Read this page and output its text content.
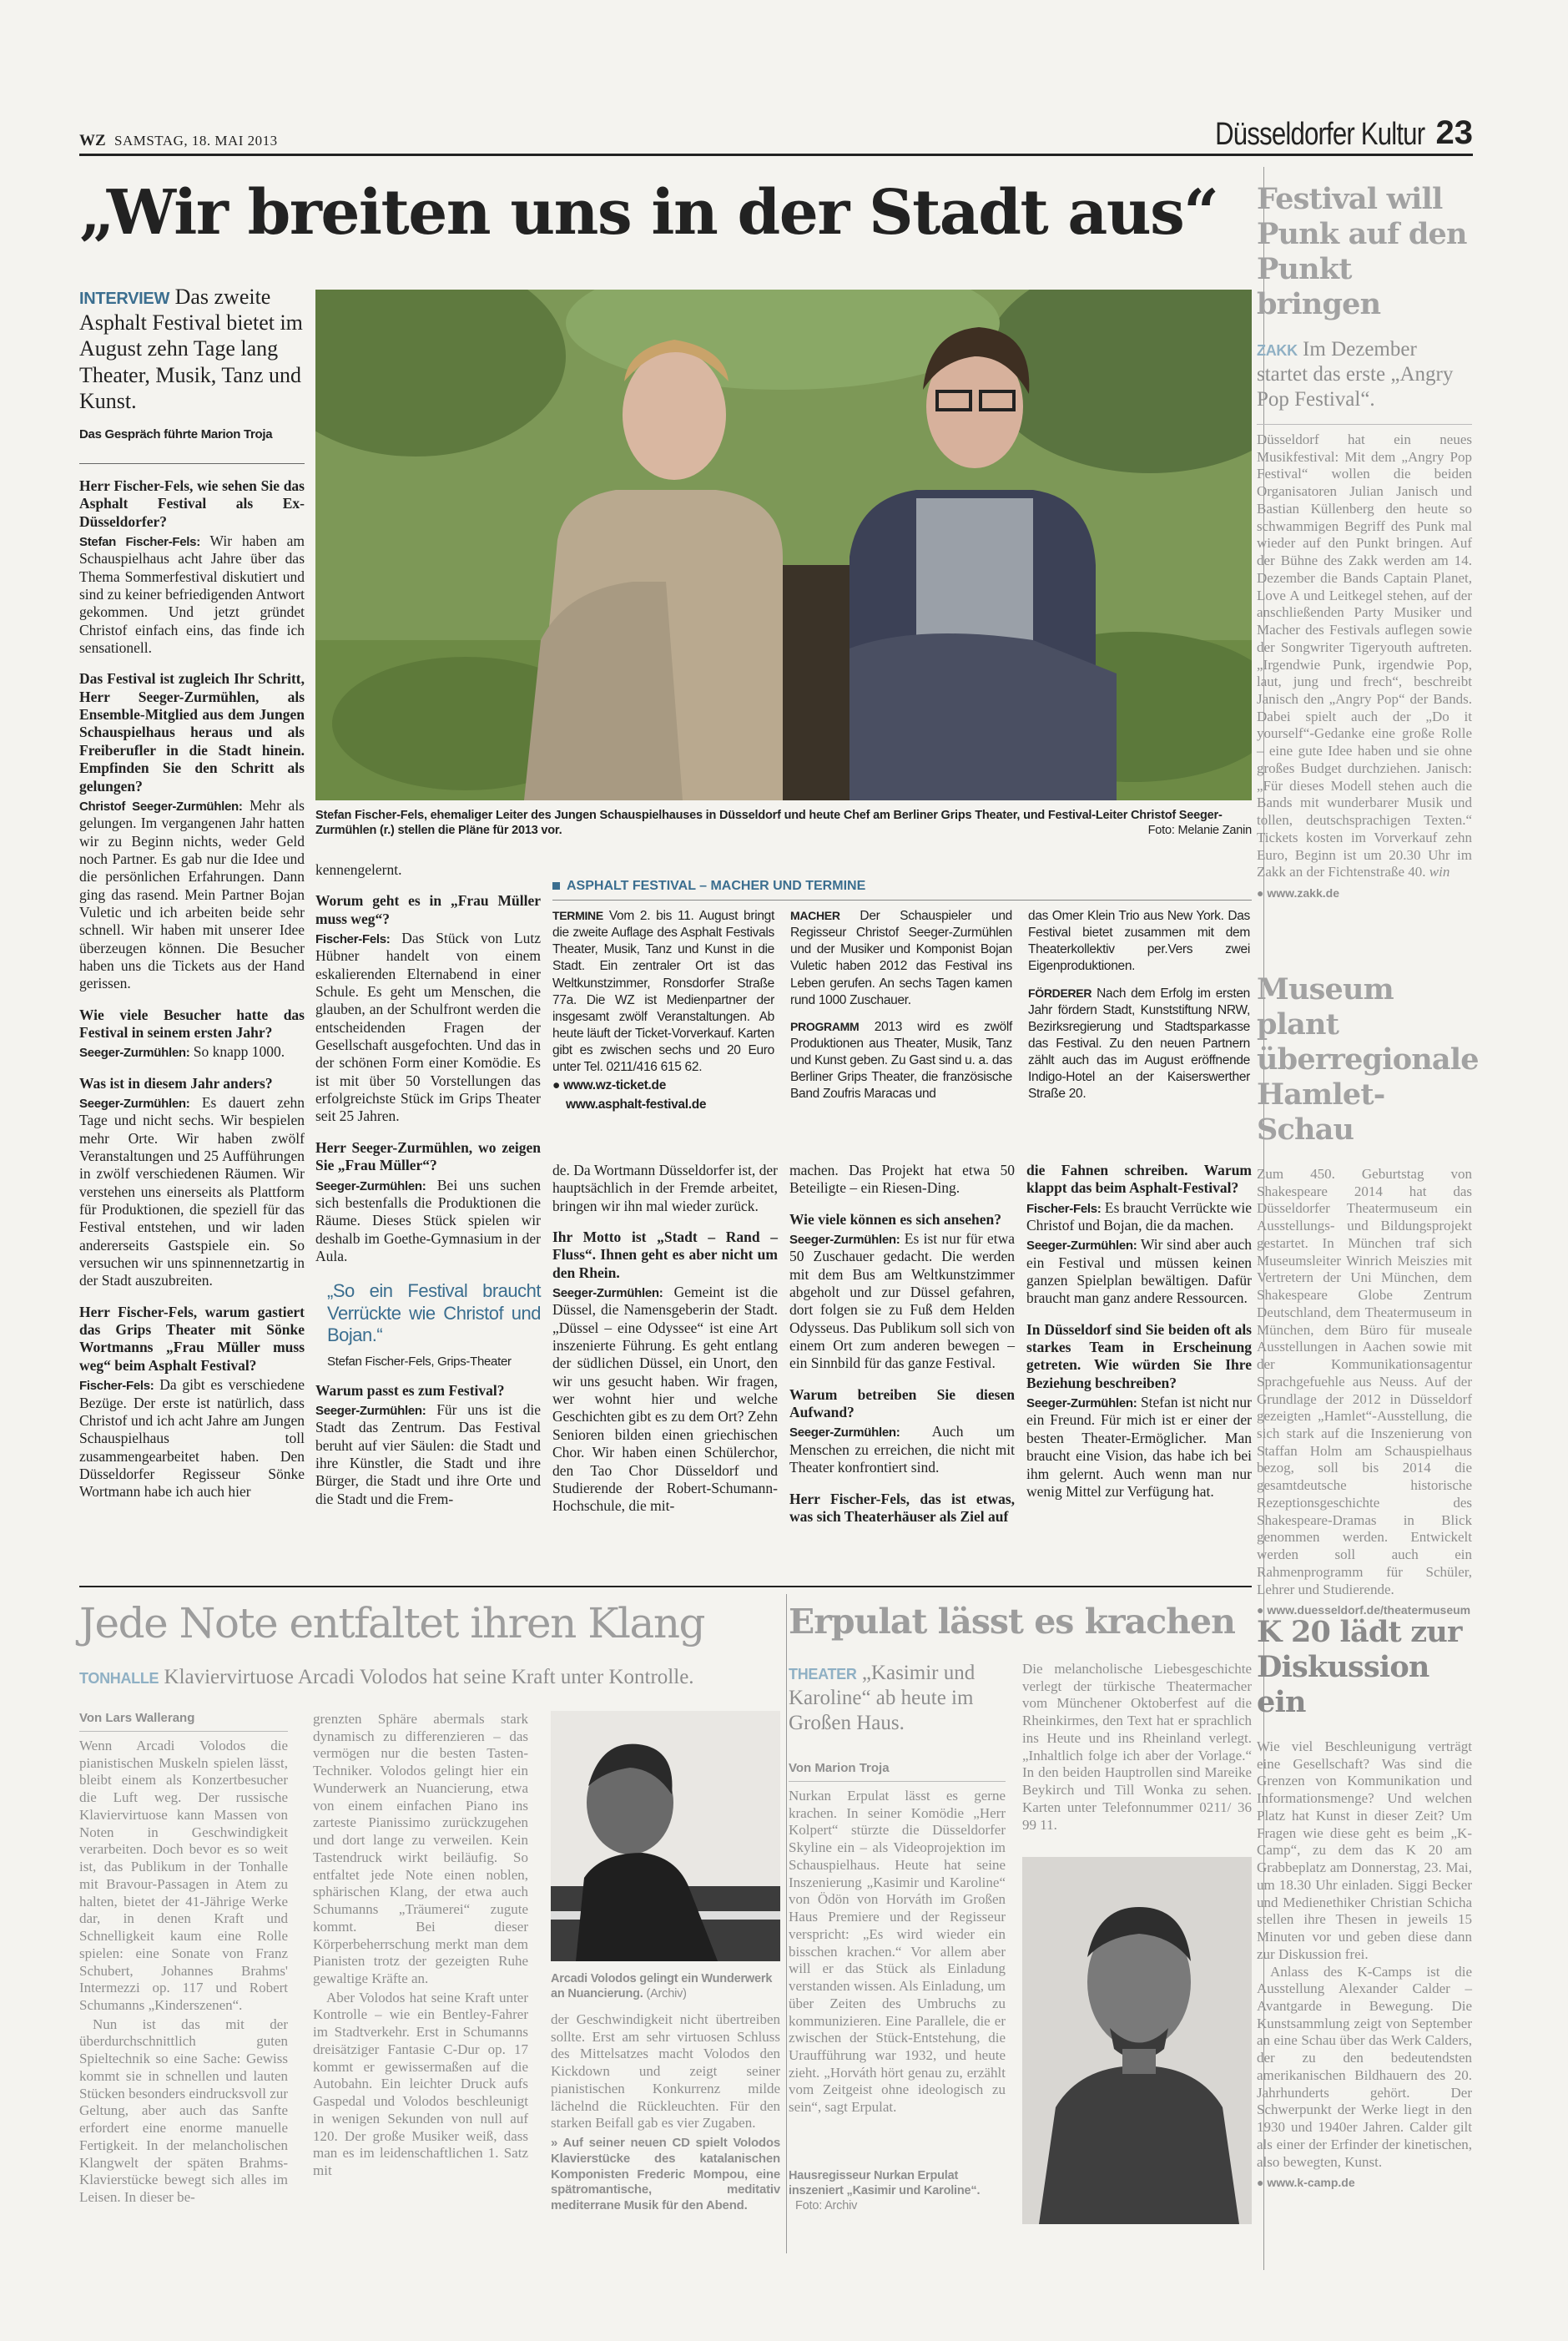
WZ SAMSTAG, 18. MAI 2013	Düsseldorfer Kultur 23
„Wir breiten uns in der Stadt aus“
INTERVIEW Das zweite Asphalt Festival bietet im August zehn Tage lang Theater, Musik, Tanz und Kunst.
Das Gespräch führte Marion Troja
Stefan Fischer-Fels, ehemaliger Leiter des Jungen Schauspielhauses in Düsseldorf und heute Chef am Berliner Grips Theater, und Festival-Leiter Christof Seeger-Zurmühlen (r.) stellen die Pläne für 2013 vor.	Foto: Melanie Zanin

Herr Fischer-Fels, wie sehen Sie das Asphalt Festival als Ex-Düsseldorfer?

Stefan Fischer-Fels: Wir haben am Schauspielhaus acht Jahre über das Thema Sommerfestival diskutiert und sind zu keiner befriedigenden Antwort gekommen. Und jetzt gründet Christof einfach eins, das finde ich sensationell.

Das Festival ist zugleich Ihr Schritt, Herr Seeger-Zurmühlen, als Ensemble-Mitglied aus dem Jungen Schauspielhaus heraus und als Freiberufler in die Stadt hinein. Empfinden Sie den Schritt als gelungen?

Christof Seeger-Zurmühlen: Mehr als gelungen. Im vergangenen Jahr hatten wir zu Beginn nichts, weder Geld noch Partner. Es gab nur die Idee und die persönlichen Erfahrungen. Dann ging das rasend. Mein Partner Bojan Vuletic und ich arbeiten beide sehr schnell. Wir haben mit unserer Idee überzeugen können. Die Besucher haben uns die Tickets aus der Hand gerissen.

Wie viele Besucher hatte das Festival in seinem ersten Jahr?

Seeger-Zurmühlen: So knapp 1000.

Was ist in diesem Jahr anders?

Seeger-Zurmühlen: Es dauert zehn Tage und nicht sechs. Wir bespielen mehr Orte. Wir haben zwölf Veranstaltungen und 25 Aufführungen in zwölf verschiedenen Räumen. Wir verstehen uns einerseits als Plattform für Produktionen, die speziell für das Festival entstehen, und wir laden andererseits Gastspiele ein. So versuchen wir uns spinnennetzartig in der Stadt auszubreiten.

Herr Fischer-Fels, warum gastiert das Grips Theater mit Sönke Wortmanns „Frau Müller muss weg“ beim Asphalt Festival?

Fischer-Fels: Da gibt es verschiedene Bezüge. Der erste ist natürlich, dass Christof und ich acht Jahre am Jungen Schauspielhaus toll zusammengearbeitet haben. Den Düsseldorfer Regisseur Sönke Wortmann habe ich auch hier

kennengelernt.

Worum geht es in „Frau Müller muss weg“?

Fischer-Fels: Das Stück von Lutz Hübner handelt von einem eskalierenden Elternabend in einer Schule. Es geht um Menschen, die glauben, an der Schulfront werden die entscheidenden Fragen der Gesellschaft ausgefochten. Und das in der schönen Form einer Komödie. Es ist mit über 50 Vorstellungen das erfolgreichste Stück im Grips Theater seit 25 Jahren.

Herr Seeger-Zurmühlen, wo zeigen Sie „Frau Müller“?

Seeger-Zurmühlen: Bei uns suchen sich bestenfalls die Produktionen die Räume. Dieses Stück spielen wir deshalb im Goethe-Gymnasium in der Aula.

„So ein Festival braucht Verrückte wie Christof und Bojan.“
Stefan Fischer-Fels, Grips-Theater

Warum passt es zum Festival?

Seeger-Zurmühlen: Für uns ist die Stadt das Zentrum. Das Festival beruht auf vier Säulen: die Stadt und ihre Künstler, die Stadt und ihre Bürger, die Stadt und ihre Orte und die Stadt und die Frem-

ASPHALT FESTIVAL – MACHER UND TERMINE

TERMINE Vom 2. bis 11. August bringt die zweite Auflage des Asphalt Festivals Theater, Musik, Tanz und Kunst in die Stadt. Ein zentraler Ort ist das Weltkunstzimmer, Ronsdorfer Straße 77a. Die WZ ist Medienpartner der insgesamt zwölf Veranstaltungen. Ab heute läuft der Ticket-Vorverkauf. Karten gibt es zwischen sechs und 20 Euro unter Tel. 0211/416 615 62.

● www.wz-ticket.de

www.asphalt-festival.de

MACHER Der Schauspieler und Regisseur Christof Seeger-Zurmühlen und der Musiker und Komponist Bojan Vuletic haben 2012 das Festival ins Leben gerufen. An sechs Tagen kamen rund 1000 Zuschauer.

PROGRAMM 2013 wird es zwölf Produktionen aus Theater, Musik, Tanz und Kunst geben. Zu Gast sind u. a. das Berliner Grips Theater, die französische Band Zoufris Maracas und

das Omer Klein Trio aus New York. Das Festival bietet zusammen mit dem Theaterkollektiv per.Vers zwei Eigenproduktionen.

FÖRDERER Nach dem Erfolg im ersten Jahr fördern Stadt, Kunststiftung NRW, Bezirksregierung und Stadtsparkasse das Festival. Zu den neuen Partnern zählt auch das im August eröffnende Indigo-Hotel an der Kaiserswerther Straße 20.

de. Da Wortmann Düsseldorfer ist, der hauptsächlich in der Fremde arbeitet, bringen wir ihn mal wieder zurück.

Ihr Motto ist „Stadt – Rand – Fluss“. Ihnen geht es aber nicht um den Rhein.

Seeger-Zurmühlen: Gemeint ist die Düssel, die Namensgeberin der Stadt. „Düssel – eine Odyssee“ ist eine Art inszenierte Führung. Es geht entlang der südlichen Düssel, ein Unort, den wir uns gesucht haben. Wir fragen, wer wohnt hier und welche Geschichten gibt es zu dem Ort? Zehn Senioren bilden einen griechischen Chor. Wir haben einen Schülerchor, den Tao Chor Düsseldorf und Studierende der Robert-Schumann-Hochschule, die mit-

machen. Das Projekt hat etwa 50 Beteiligte – ein Riesen-Ding.

Wie viele können es sich ansehen?

Seeger-Zurmühlen: Es ist nur für etwa 50 Zuschauer gedacht. Die werden mit dem Bus am Weltkunstzimmer abgeholt und zur Düssel gefahren, dort folgen sie zu Fuß dem Helden Odysseus. Das Publikum soll sich von einem Ort zum anderen bewegen – ein Sinnbild für das ganze Festival.

Warum betreiben Sie diesen Aufwand?

Seeger-Zurmühlen: Auch um Menschen zu erreichen, die nicht mit Theater konfrontiert sind.

Herr Fischer-Fels, das ist etwas, was sich Theaterhäuser als Ziel auf

die Fahnen schreiben. Warum klappt das beim Asphalt-Festival?

Fischer-Fels: Es braucht Verrückte wie Christof und Bojan, die da machen.

Seeger-Zurmühlen: Wir sind aber auch ein Festival und müssen keinen ganzen Spielplan bewältigen. Dafür braucht man ganz andere Ressourcen.

In Düsseldorf sind Sie beiden oft als starkes Team in Erscheinung getreten. Wie würden Sie Ihre Beziehung beschreiben?

Seeger-Zurmühlen: Stefan ist nicht nur ein Freund. Für mich ist er einer der besten Theater-Ermöglicher. Man braucht eine Vision, das habe ich bei ihm gelernt. Auch wenn man nur wenig Mittel zur Verfügung hat.

Festival will Punk auf den Punkt bringen
ZAKK Im Dezember startet das erste „Angry Pop Festival“.
Düsseldorf hat ein neues Musikfestival: Mit dem „Angry Pop Festival“ wollen die beiden Organisatoren Julian Janisch und Bastian Küllenberg den heute so schwammigen Begriff des Punk mal wieder auf den Punkt bringen. Auf der Bühne des Zakk werden am 14. Dezember die Bands Captain Planet, Love A und Leitkegel stehen, auf der anschließenden Party Musiker und Macher des Festivals auflegen sowie der Songwriter Tigeryouth auftreten. „Irgendwie Punk, irgendwie Pop, laut, jung und frech“, beschreibt Janisch den „Angry Pop“ der Bands. Dabei spielt auch der „Do it yourself“-Gedanke eine große Rolle – eine gute Idee haben und sie ohne großes Budget durchziehen. Janisch: „Für dieses Modell stehen auch die Bands mit wunderbarer Musik und tollen, deutschsprachigen Texten.“ Tickets kosten im Vorverkauf zehn Euro, Beginn ist um 20.30 Uhr im Zakk an der Fichtenstraße 40. win
● www.zakk.de
Museum plant überregionale Hamlet-Schau
Zum 450. Geburtstag von Shakespeare 2014 hat das Düsseldorfer Theatermuseum ein Ausstellungs- und Bildungsprojekt gestartet. In München traf sich Museumsleiter Winrich Meiszies mit Vertretern der Uni München, dem Shakespeare Globe Zentrum Deutschland, dem Theatermuseum in München, dem Büro für museale Ausstellungen in Aachen sowie mit der Kommunikationsagentur Sprachgefuehle aus Neuss. Auf der Grundlage der 2012 in Düsseldorf gezeigten „Hamlet“-Ausstellung, die sich stark auf die Inszenierung von Staffan Holm am Schauspielhaus bezog, soll bis 2014 die gesamtdeutsche historische Rezeptionsgeschichte des Shakespeare-Dramas in Blick genommen werden. Entwickelt werden soll auch ein Rahmenprogramm für Schüler, Lehrer und Studierende.
● www.duesseldorf.de/theatermuseum
K 20 lädt zur Diskussion ein
Wie viel Beschleunigung verträgt eine Gesellschaft? Was sind die Grenzen von Kommunikation und Informationsmenge? Und welchen Platz hat Kunst in dieser Zeit? Um Fragen wie diese geht es beim „K-Camp“, zu dem das K 20 am Grabbeplatz am Donnerstag, 23. Mai, um 18.30 Uhr einladen. Siggi Becker und Medienethiker Christian Schicha stellen ihre Thesen in jeweils 15 Minuten vor und geben diese dann zur Diskussion frei.
Anlass des K-Camps ist die Ausstellung Alexander Calder – Avantgarde in Bewegung. Die Kunstsammlung zeigt von September an eine Schau über das Werk Calders, der zu den bedeutendsten amerikanischen Bildhauern des 20. Jahrhunderts gehört. Der Schwerpunkt der Werke liegt in den 1930 und 1940er Jahren. Calder gilt als einer der Erfinder der kinetischen, also bewegten, Kunst.
● www.k-camp.de
Jede Note entfaltet ihren Klang
TONHALLE Klaviervirtuose Arcadi Volodos hat seine Kraft unter Kontrolle.
Von Lars Wallerang

Wenn Arcadi Volodos die pianistischen Muskeln spielen lässt, bleibt einem als Konzertbesucher die Luft weg. Der russische Klaviervirtuose kann Massen von Noten in Geschwindigkeit verarbeiten. Doch bevor es so weit ist, das Publikum in der Tonhalle mit Bravour-Passagen in Atem zu halten, bietet der 41-Jährige Werke dar, in denen Kraft und Schnelligkeit kaum eine Rolle spielen: eine Sonate von Franz Schubert, Johannes Brahms' Intermezzi op. 117 und Robert Schumanns „Kinderszenen“.

Nun ist das mit der überdurchschnittlich guten Spieltechnik so eine Sache: Gewiss kommt sie in schnellen und lauten Stücken besonders eindrucksvoll zur Geltung, aber auch das Sanfte erfordert eine enorme manuelle Fertigkeit. In der melancholischen Klangwelt der späten Brahms-Klavierstücke bewegt sich alles im Leisen. In dieser be-

grenzten Sphäre abermals stark dynamisch zu differenzieren – das vermögen nur die besten Tasten-Techniker. Volodos gelingt hier ein Wunderwerk an Nuancierung, etwa von einem einfachen Piano ins zarteste Pianissimo zurückzugehen und dort lange zu verweilen. Kein Tastendruck wirkt beiläufig. So entfaltet jede Note einen noblen, sphärischen Klang, der etwa auch Schumanns „Träumerei“ zugute kommt. Bei dieser Körperbeherrschung merkt man dem Pianisten trotz der gezeigten Ruhe gewaltige Kräfte an.

Aber Volodos hat seine Kraft unter Kontrolle – wie ein Bentley-Fahrer im Stadtverkehr. Erst in Schumanns dreisätziger Fantasie C-Dur op. 17 kommt er gewissermaßen auf die Autobahn. Ein leichter Druck aufs Gaspedal und Volodos beschleunigt in wenigen Sekunden von null auf 120. Der große Musiker weiß, dass man es im leidenschaftlichen 1. Satz mit

Arcadi Volodos gelingt ein Wunderwerk an Nuancierung. (Archiv)

der Geschwindigkeit nicht übertreiben sollte. Erst am sehr virtuosen Schluss des Mittelsatzes macht Volodos den Kickdown und zeigt seiner pianistischen Konkurrenz milde lächelnd die Rückleuchten. Für den starken Beifall gab es vier Zugaben.

» Auf seiner neuen CD spielt Volodos Klavierstücke des katalanischen Komponisten Frederic Mompou, eine spätromantische, meditativ mediterrane Musik für den Abend.

Erpulat lässt es krachen
THEATER „Kasimir und Karoline“ ab heute im Großen Haus.
Von Marion Troja

Nurkan Erpulat lässt es gerne krachen. In seiner Komödie „Herr Kolpert“ stürzte die Düsseldorfer Skyline ein – als Videoprojektion im Schauspielhaus. Heute hat seine Inszenierung „Kasimir und Karoline“ von Ödön von Horváth im Großen Haus Premiere und der Regisseur verspricht: „Es wird wieder ein bisschen krachen.“ Vor allem aber will er das Stück als Einladung verstanden wissen. Als Einladung, um über Zeiten des Umbruchs zu kommunizieren. Eine Parallele, die er zwischen der Stück-Entstehung, die Uraufführung war 1932, und heute zieht. „Horváth hört genau zu, erzählt vom Zeitgeist ohne ideologisch zu sein“, sagt Erpulat.

Die melancholische Liebesgeschichte verlegt der türkische Theatermacher vom Münchener Oktoberfest auf die Rheinkirmes, den Text hat er sprachlich ins Heute und ins Rheinland verlegt. „Inhaltlich folge ich aber der Vorlage.“ In den beiden Hauptrollen sind Mareike Beykirch und Till Wonka zu sehen. Karten unter Telefonnummer 0211/ 36 99 11.

Hausregisseur Nurkan Erpulat inszeniert „Kasimir und Karoline“. Foto: Archiv
